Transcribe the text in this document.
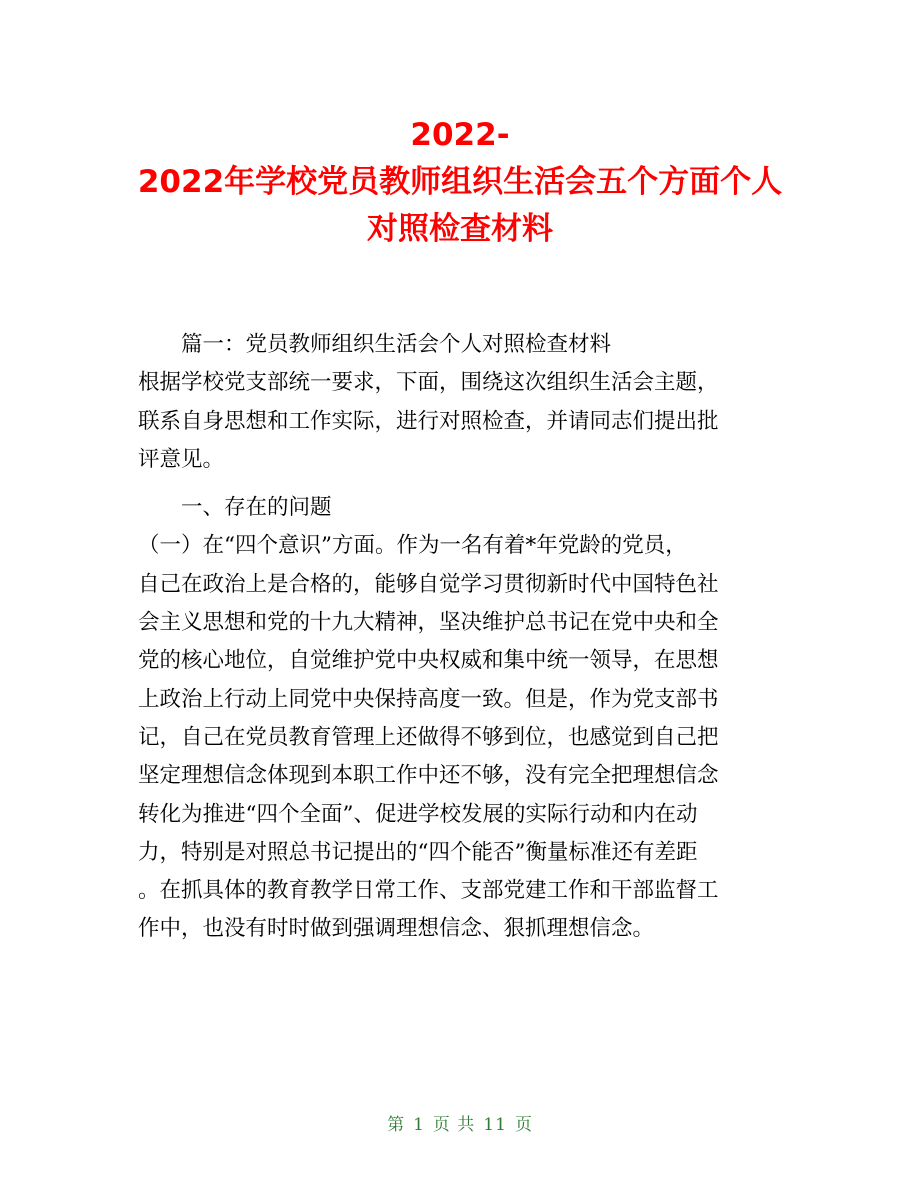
2022-
2022年学校党员教师组织生活会五个方面个人
对照检查材料
篇一：党员教师组织生活会个人对照检查材料
根据学校党支部统一要求，下面，围绕这次组织生活会主题，
联系自身思想和工作实际，进行对照检查，并请同志们提出批
评意见。
一、存在的问题
（一）在“四个意识”方面。作为一名有着*年党龄的党员，
自己在政治上是合格的，能够自觉学习贯彻新时代中国特色社
会主义思想和党的十九大精神，坚决维护总书记在党中央和全
党的核心地位，自觉维护党中央权威和集中统一领导，在思想
上政治上行动上同党中央保持高度一致。但是，作为党支部书
记，自己在党员教育管理上还做得不够到位，也感觉到自己把
坚定理想信念体现到本职工作中还不够，没有完全把理想信念
转化为推进“四个全面”、促进学校发展的实际行动和内在动
力，特别是对照总书记提出的“四个能否”衡量标准还有差距
。在抓具体的教育教学日常工作、支部党建工作和干部监督工
作中，也没有时时做到强调理想信念、狠抓理想信念。
第 1 页 共 11 页
